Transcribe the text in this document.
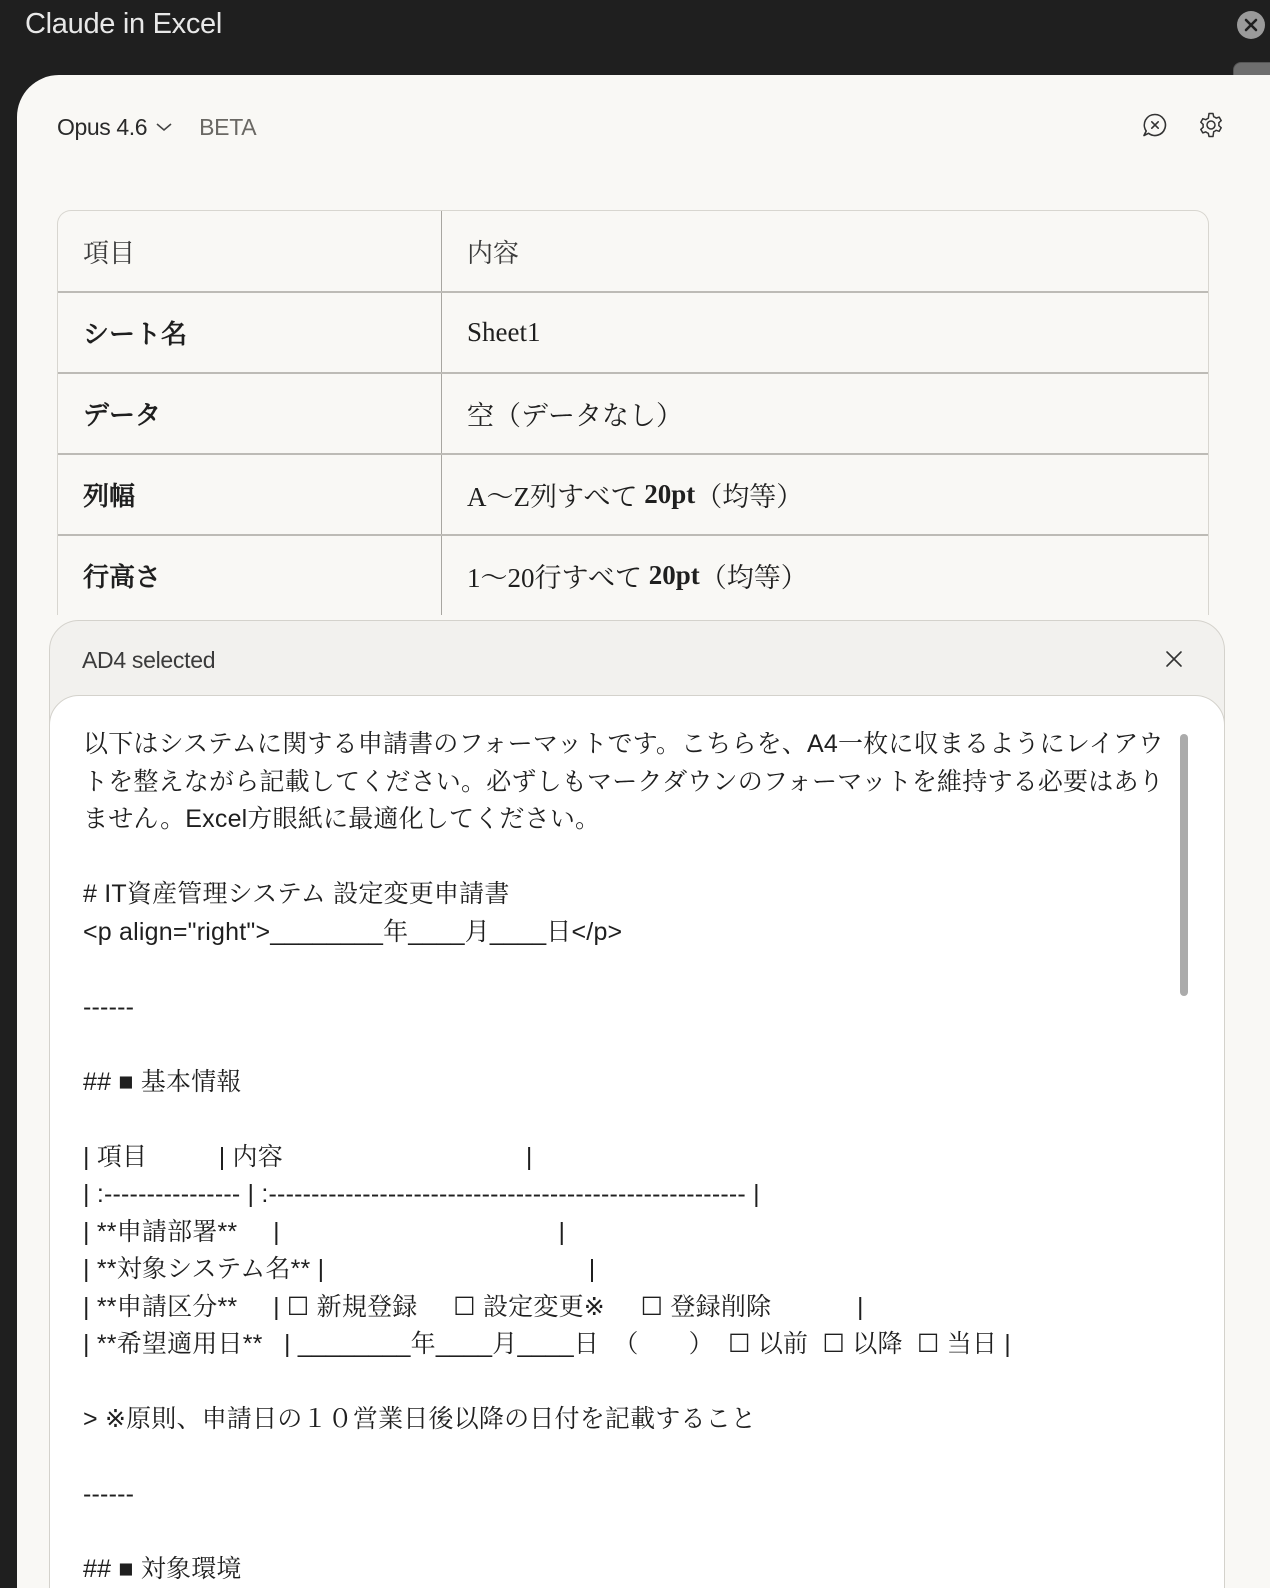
Claude in Excel
Opus 4.6 BETA
項目	内容
シート名	Sheet1
データ	空（データなし）
列幅	A〜Z列すべて 20pt （均等）
行高さ	1〜20行すべて 20pt （均等）
AD4 selected
以下はシステムに関する申請書のフォーマットです。こちらを、A4一枚に収まるようにレイアウトを整えながら記載してください。必ずしもマークダウンのフォーマットを維持する必要はありません。Excel方眼紙に最適化してください。

# IT資産管理システム 設定変更申請書
<p align="right">________年____月____日</p>

------

## ■ 基本情報

| 項目          | 内容                                  |
| :---------------- | :-------------------------------------------------------- |
| **申請部署**     |                                       |
| **対象システム名** |                                     |
| **申請区分**     | ☐ 新規登録     ☐ 設定変更※     ☐ 登録削除            |
| **希望適用日**   | ________年____月____日  （       ）  ☐ 以前  ☐ 以降  ☐ 当日 |

> ※原則、申請日の１０営業日後以降の日付を記載すること

------

## ■ 対象環境
